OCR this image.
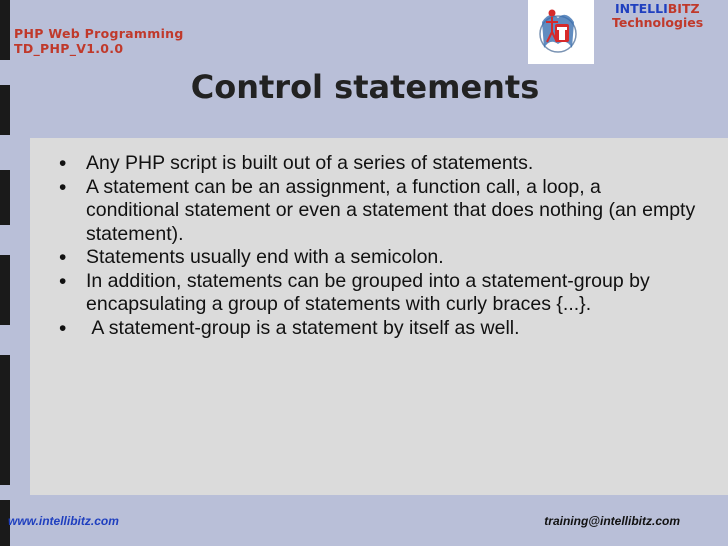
PHP Web Programming
TD_PHP_V1.0.0
INTELLIBITZ
Technologies
Control statements
• Any PHP script is built out of a series of statements.
• A statement can be an assignment, a function call, a loop, a conditional statement or even a statement that does nothing (an empty statement).
• Statements usually end with a semicolon.
• In addition, statements can be grouped into a statement-group by encapsulating a group of statements with curly braces {...}.
•  A statement-group is a statement by itself as well.
www.intellibitz.com	training@intellibitz.com
